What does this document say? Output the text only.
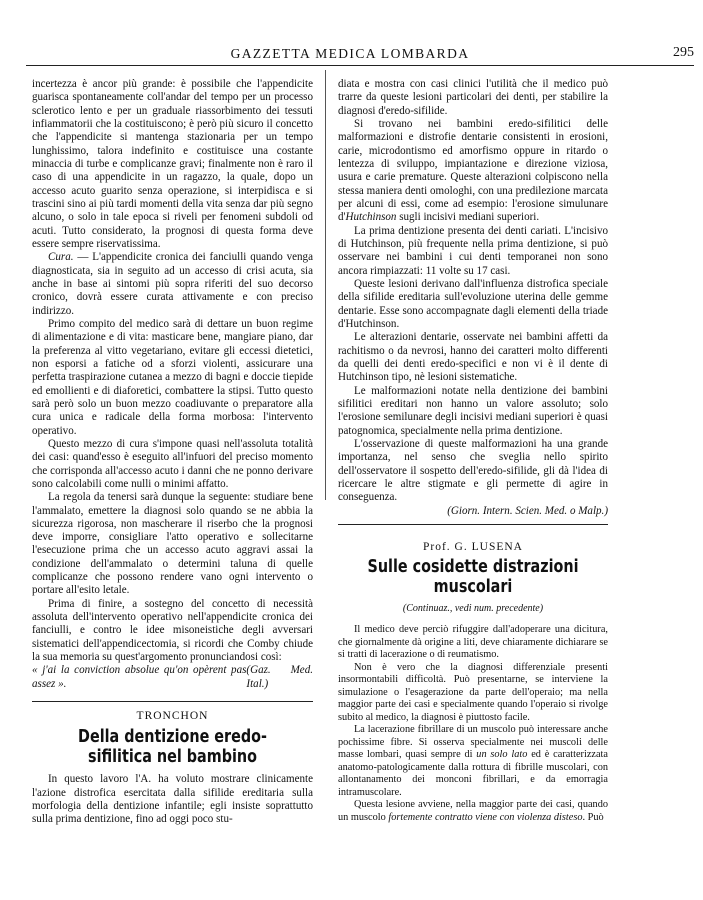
GAZZETTA MEDICA LOMBARDA	295

incertezza è ancor più grande: è possibile che l'appendicite guarisca spontaneamente coll'andar del tempo per un processo sclerotico lento e per un graduale riassorbimento dei tessuti infiammatorii che la costituiscono; è però più sicuro il concetto che l'appendicite si mantenga stazionaria per un tempo lunghissimo, talora indefinito e costituisce una costante minaccia di turbe e complicanze gravi; finalmente non è raro il caso di una appendicite in un ragazzo, la quale, dopo un accesso acuto guarito senza operazione, si interpidisca e si trascini sino ai più tardi momenti della vita senza dar più segno alcuno, o solo in tale epoca si riveli per fenomeni subdoli od acuti. Tutto considerato, la prognosi di questa forma deve essere sempre riservatissima.

Cura. — L'appendicite cronica dei fanciulli quando venga diagnosticata, sia in seguito ad un accesso di crisi acuta, sia anche in base ai sintomi più sopra riferiti del suo decorso cronico, dovrà essere curata attivamente e con preciso indirizzo.

Primo compito del medico sarà di dettare un buon regime di alimentazione e di vita: masticare bene, mangiare piano, dar la preferenza al vitto vegetariano, evitare gli eccessi dietetici, non esporsi a fatiche od a sforzi violenti, assicurare una perfetta traspirazione cutanea a mezzo di bagni e doccie tiepide ed emollienti e di diaforetici, combattere la stipsi. Tutto questo sarà però solo un buon mezzo coadiuvante o preparatore alla cura unica e radicale della forma morbosa: l'intervento operativo.

Questo mezzo di cura s'impone quasi nell'assoluta totalità dei casi: quand'esso è eseguito all'infuori del preciso momento che corrisponda all'accesso acuto i danni che ne ponno derivare sono calcolabili come nulli o minimi affatto.

La regola da tenersi sarà dunque la seguente: studiare bene l'ammalato, emettere la diagnosi solo quando se ne abbia la sicurezza rigorosa, non mascherare il riserbo che la prognosi deve imporre, consigliare l'atto operativo e sollecitarne l'esecuzione prima che un accesso acuto aggravi assai la condizione dell'ammalato o determini taluna di quelle complicanze che possono rendere vano ogni intervento o portare all'esito letale.

Prima di finire, a sostegno del concetto di necessità assoluta dell'intervento operativo nell'appendicite cronica dei fanciulli, e contro le idee misoneistiche degli avversari sistematici dell'appendicectomia, si ricordi che Comby chiude la sua memoria su quest'argomento pronunciandosi così:

« j'ai la conviction absolue qu'on opèrent pas assez ».
(Gaz. Med. Ital.)
TRONCHON
Della dentizione eredo-sifilitica nel bambino

In questo lavoro l'A. ha voluto mostrare clinicamente l'azione distrofica esercitata dalla sifilide ereditaria sulla morfologia della dentizione infantile; egli insiste soprattutto sulla prima dentizione, fino ad oggi poco stu-

diata e mostra con casi clinici l'utilità che il medico può trarre da queste lesioni particolari dei denti, per stabilire la diagnosi d'eredo-sifilide.

Si trovano nei bambini eredo-sifilitici delle malformazioni e distrofie dentarie consistenti in erosioni, carie, microdontismo ed amorfismo oppure in ritardo o lentezza di sviluppo, impiantazione e direzione viziosa, usura e carie premature. Queste alterazioni colpiscono nella stessa maniera denti omologhi, con una predilezione marcata per alcuni di essi, come ad esempio: l'erosione simulunare d'Hutchinson sugli incisivi mediani superiori.

La prima dentizione presenta dei denti cariati. L'incisivo di Hutchinson, più frequente nella prima dentizione, si può osservare nei bambini i cui denti temporanei non sono ancora rimpiazzati: 11 volte su 17 casi.

Queste lesioni derivano dall'influenza distrofica speciale della sifilide ereditaria sull'evoluzione uterina delle gemme dentarie. Esse sono accompagnate dagli elementi della triade d'Hutchinson.

Le alterazioni dentarie, osservate nei bambini affetti da rachitismo o da nevrosi, hanno dei caratteri molto differenti da quelli dei denti eredo-specifici e non vi è il dente di Hutchinson tipo, nè lesioni sistematiche.

Le malformazioni notate nella dentizione dei bambini sifilitici ereditari non hanno un valore assoluto; solo l'erosione semilunare degli incisivi mediani superiori è quasi patognomica, specialmente nella prima dentizione.

L'osservazione di queste malformazioni ha una grande importanza, nel senso che sveglia nello spirito dell'osservatore il sospetto dell'eredo-sifilide, gli dà l'idea di ricercare le altre stigmate e gli permette di agire in conseguenza.

(Giorn. Intern. Scien. Med. o Malp.)
Prof. G. LUSENA
Sulle cosidette distrazioni muscolari
(Continuaz., vedi num. precedente)

Il medico deve perciò rifuggire dall'adoperare una dicitura, che giornalmente dà origine a liti, deve chiaramente dichiarare se si tratti di lacerazione o di reumatismo.

Non è vero che la diagnosi differenziale presenti insormontabili difficoltà. Può presentarne, se interviene la simulazione o l'esagerazione da parte dell'operaio; ma nella maggior parte dei casi e specialmente quando l'operaio si rivolge subito al medico, la diagnosi è piuttosto facile.

La lacerazione fibrillare di un muscolo può interessare anche pochissime fibre. Si osserva specialmente nei muscoli delle masse lombari, quasi sempre di un solo lato ed è caratterizzata anatomo-patologicamente dalla rottura di fibrille muscolari, con allontanamento dei monconi fibrillari, e da emorragia intramuscolare.

Questa lesione avviene, nella maggior parte dei casi, quando un muscolo fortemente contratto viene con violenza disteso. Può
